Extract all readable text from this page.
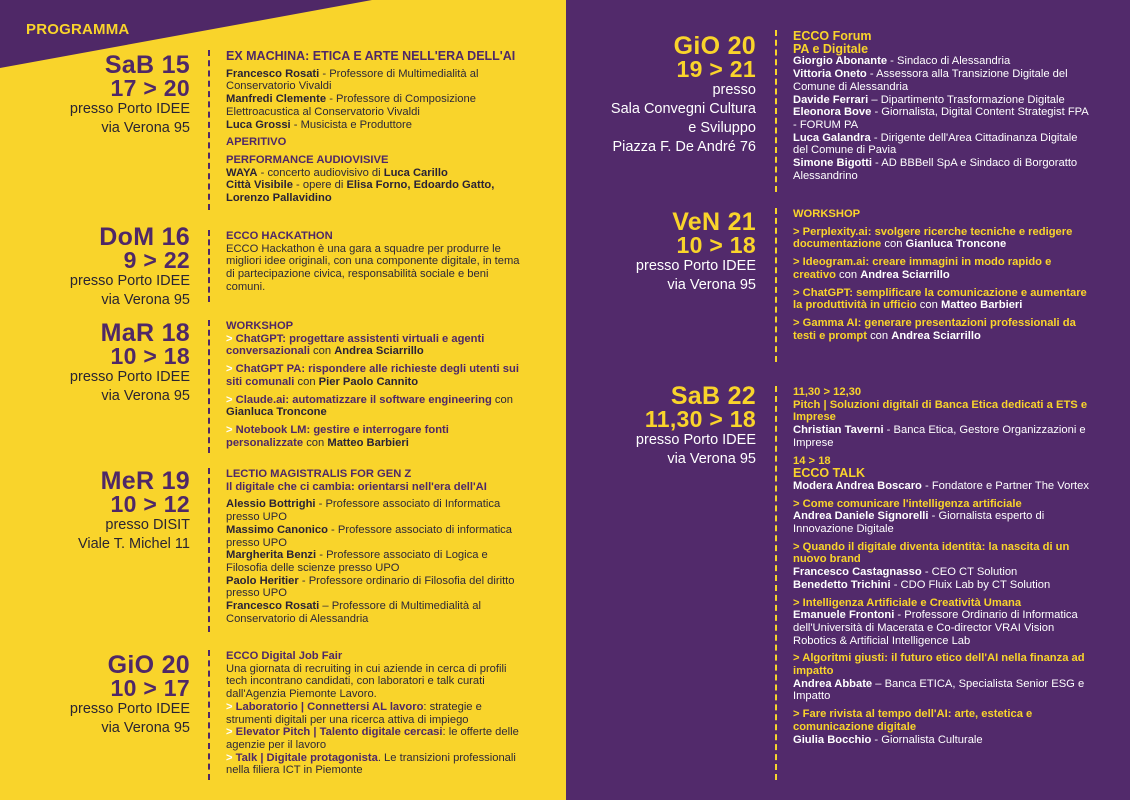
PROGRAMMA
SaB 15
17 > 20
presso Porto IDEE
via Verona 95
EX MACHINA: ETICA E ARTE NELL'ERA DELL'AI
Francesco Rosati - Professore di Multimedialità al Conservatorio Vivaldi
Manfredi Clemente - Professore di Composizione Elettroacustica al Conservatorio Vivaldi
Luca Grossi - Musicista e Produttore
APERITIVO
PERFORMANCE AUDIOVISIVE
WAYA - concerto audiovisivo di Luca Carillo
Città Visibile - opere di Elisa Forno, Edoardo Gatto, Lorenzo Pallavidino
DoM 16
9 > 22
presso Porto IDEE
via Verona 95
ECCO HACKATHON
ECCO Hackathon è una gara a squadre per produrre le migliori idee originali, con una componente digitale, in tema di partecipazione civica, responsabilità sociale e beni comuni.
MaR 18
10 > 18
presso Porto IDEE
via Verona 95
WORKSHOP
> ChatGPT: progettare assistenti virtuali e agenti conversazionali con Andrea Sciarrillo
> ChatGPT PA: rispondere alle richieste degli utenti sui siti comunali con Pier Paolo Cannito
> Claude.ai: automatizzare il software engineering con Gianluca Troncone
> Notebook LM: gestire e interrogare fonti personalizzate con Matteo Barbieri
MeR 19
10 > 12
presso DISIT
Viale T. Michel 11
LECTIO MAGISTRALIS FOR GEN Z
Il digitale che ci cambia: orientarsi nell'era dell'AI
Alessio Bottrighi - Professore associato di Informatica presso UPO
Massimo Canonico - Professore associato di informatica presso UPO
Margherita Benzi - Professore associato di Logica e Filosofia delle scienze presso UPO
Paolo Heritier - Professore ordinario di Filosofia del diritto presso UPO
Francesco Rosati – Professore di Multimedialità al Conservatorio di Alessandria
GiO 20
10 > 17
presso Porto IDEE
via Verona 95
ECCO Digital Job Fair
Una giornata di recruiting in cui aziende in cerca di profili tech incontrano candidati, con laboratori e talk curati dall'Agenzia Piemonte Lavoro.
> Laboratorio | Connettersi AL lavoro: strategie e strumenti digitali per una ricerca attiva di impiego
> Elevator Pitch | Talento digitale cercasi: le offerte delle agenzie per il lavoro
> Talk | Digitale protagonista. Le transizioni professionali nella filiera ICT in Piemonte
GiO 20
19 > 21
presso
Sala Convegni Cultura
e Sviluppo
Piazza F. De André 76
ECCO Forum
PA e Digitale
Giorgio Abonante - Sindaco di Alessandria
Vittoria Oneto - Assessora alla Transizione Digitale del Comune di Alessandria
Davide Ferrari – Dipartimento Trasformazione Digitale
Eleonora Bove - Giornalista, Digital Content Strategist FPA - FORUM PA
Luca Galandra - Dirigente dell'Area Cittadinanza Digitale del Comune di Pavia
Simone Bigotti - AD BBBell SpA e Sindaco di Borgoratto Alessandrino
VeN 21
10 > 18
presso Porto IDEE
via Verona 95
WORKSHOP
> Perplexity.ai: svolgere ricerche tecniche e redigere documentazione con Gianluca Troncone
> Ideogram.ai: creare immagini in modo rapido e creativo con Andrea Sciarrillo
> ChatGPT: semplificare la comunicazione e aumentare la produttività in ufficio con Matteo Barbieri
> Gamma AI: generare presentazioni professionali da testi e prompt con Andrea Sciarrillo
SaB 22
11,30 > 18
presso Porto IDEE
via Verona 95
11,30 > 12,30
Pitch | Soluzioni digitali di Banca Etica dedicati a ETS e Imprese
Christian Taverni - Banca Etica, Gestore Organizzazioni e Imprese
14 > 18
ECCO TALK
Modera Andrea Boscaro - Fondatore e Partner The Vortex
> Come comunicare l'intelligenza artificiale
Andrea Daniele Signorelli - Giornalista esperto di Innovazione Digitale
> Quando il digitale diventa identità: la nascita di un nuovo brand
Francesco Castagnasso - CEO CT Solution
Benedetto Trichini - CDO Fluix Lab by CT Solution
> Intelligenza Artificiale e Creatività Umana
Emanuele Frontoni - Professore Ordinario di Informatica dell'Università di Macerata e Co-director VRAI Vision Robotics & Artificial Intelligence Lab
> Algoritmi giusti: il futuro etico dell'AI nella finanza ad impatto
Andrea Abbate – Banca ETICA, Specialista Senior ESG e Impatto
> Fare rivista al tempo dell'AI: arte, estetica e comunicazione digitale
Giulia Bocchio - Giornalista Culturale
